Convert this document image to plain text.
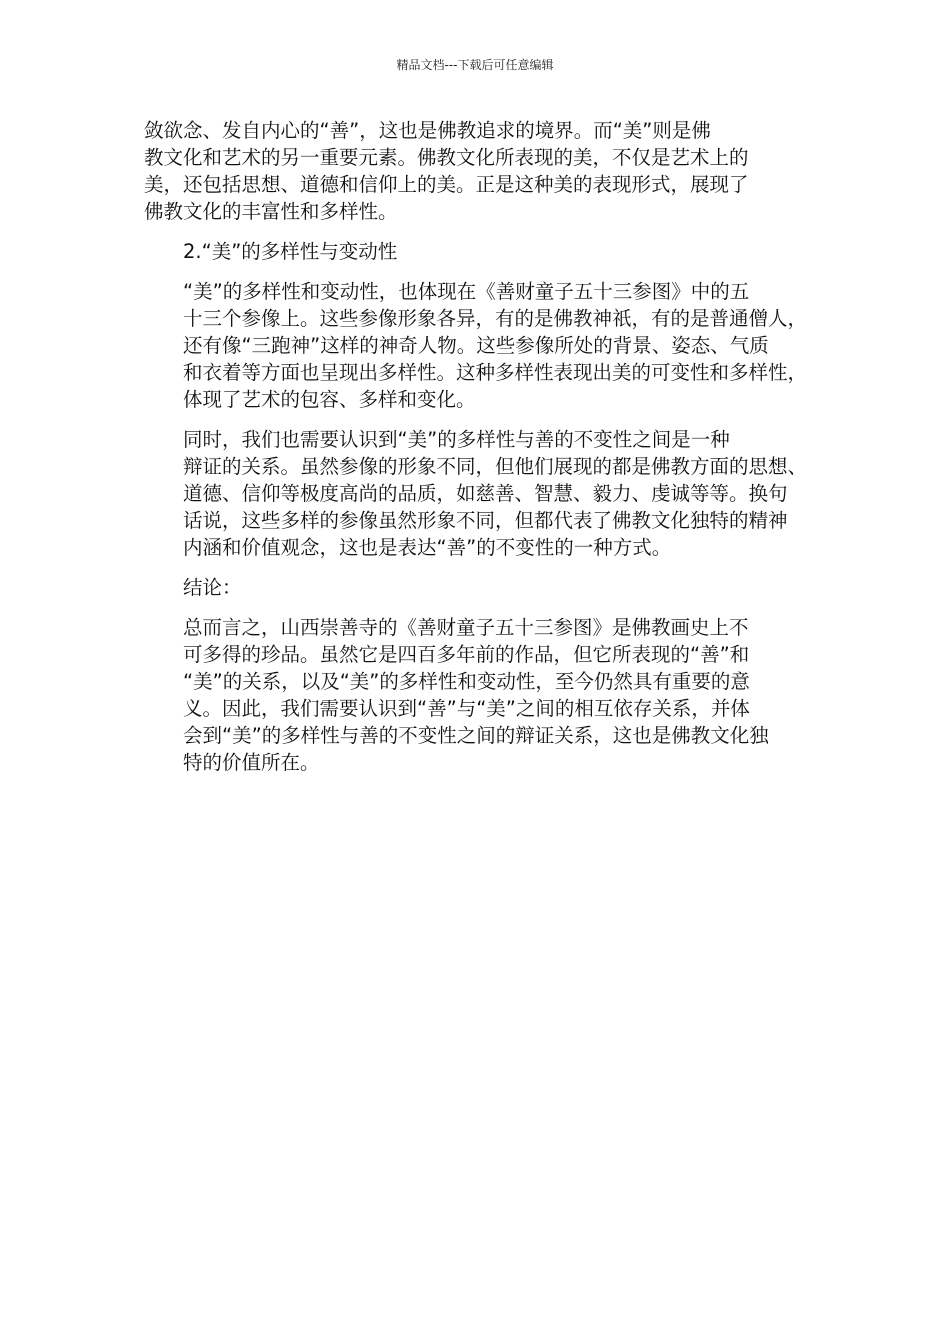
精品文档---下载后可任意编辑

敛欲念、发自内心的“善”，这也是佛教追求的境界。而“美”则是佛
教文化和艺术的另一重要元素。佛教文化所表现的美，不仅是艺术上的
美，还包括思想、道德和信仰上的美。正是这种美的表现形式，展现了
佛教文化的丰富性和多样性。

2.“美”的多样性与变动性

“美”的多样性和变动性，也体现在《善财童子五十三参图》中的五
十三个参像上。这些参像形象各异，有的是佛教神祇，有的是普通僧人，
还有像“三跑神”这样的神奇人物。这些参像所处的背景、姿态、气质
和衣着等方面也呈现出多样性。这种多样性表现出美的可变性和多样性，
体现了艺术的包容、多样和变化。

同时，我们也需要认识到“美”的多样性与善的不变性之间是一种
辩证的关系。虽然参像的形象不同，但他们展现的都是佛教方面的思想、
道德、信仰等极度高尚的品质，如慈善、智慧、毅力、虔诚等等。换句
话说，这些多样的参像虽然形象不同，但都代表了佛教文化独特的精神
内涵和价值观念，这也是表达“善”的不变性的一种方式。

结论：

总而言之，山西崇善寺的《善财童子五十三参图》是佛教画史上不
可多得的珍品。虽然它是四百多年前的作品，但它所表现的“善”和
“美”的关系，以及“美”的多样性和变动性，至今仍然具有重要的意
义。因此，我们需要认识到“善”与“美”之间的相互依存关系，并体
会到“美”的多样性与善的不变性之间的辩证关系，这也是佛教文化独
特的价值所在。
